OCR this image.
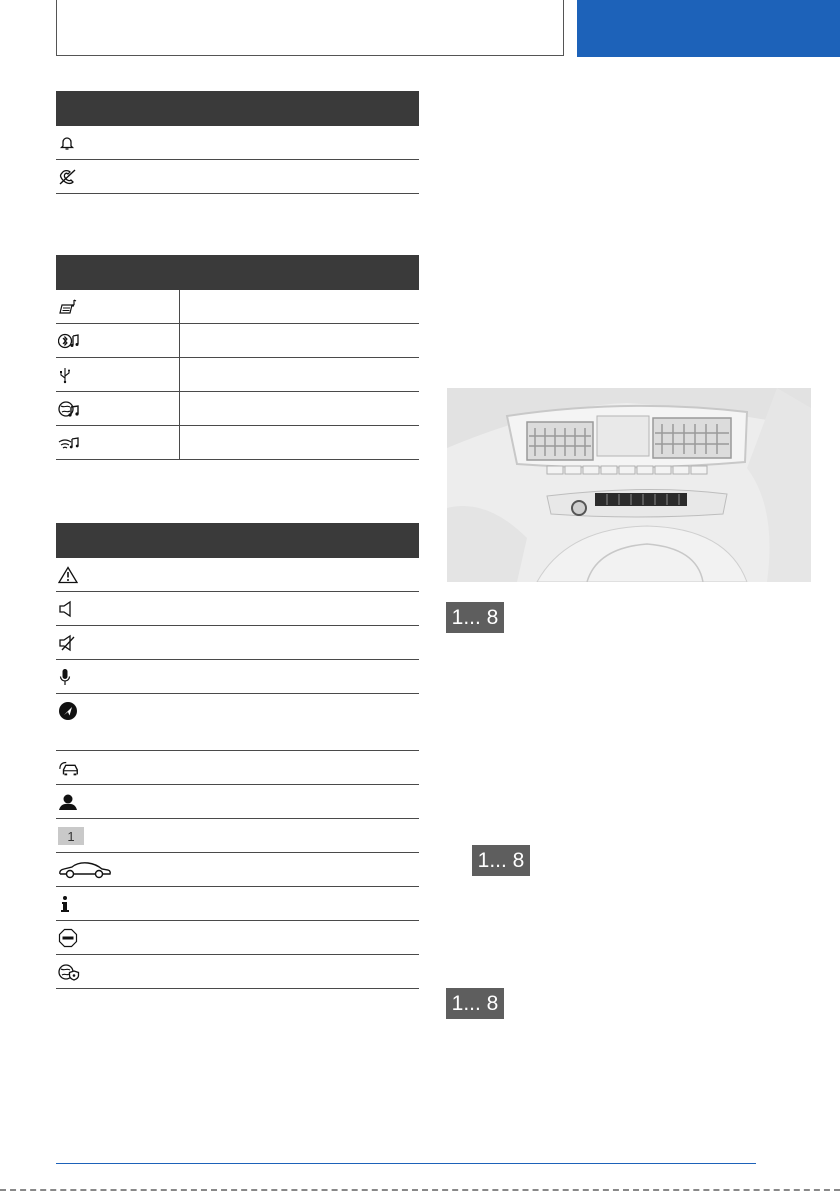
1
1... 8
1... 8
1... 8
